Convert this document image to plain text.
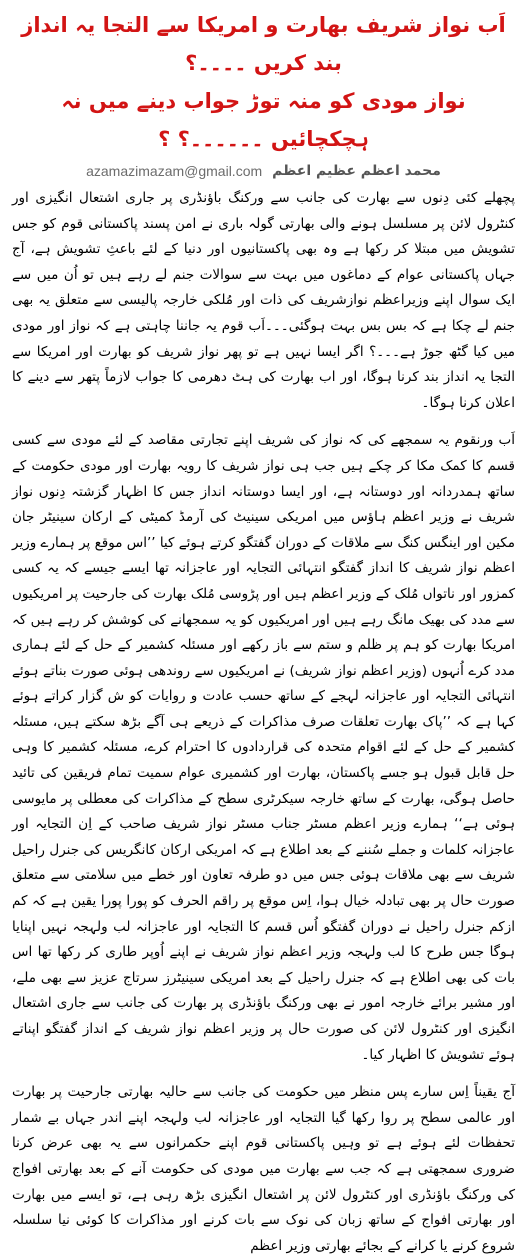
اَب نواز شریف بھارت و امریکا سے التجا یہ انداز بند کریں ۔۔۔۔؟
نواز مودی کو منہ توڑ جواب دینے میں نہ ہچکچائیں ۔۔۔۔۔۔؟ ؟
azamazimazam@gmail.com محمد اعظم عظیم اعظم

پچھلے کئی دِنوں سے بھارت کی جانب سے ورکنگ باؤنڈری پر جاری اشتعال انگیزی اور کنٹرول لائن پر مسلسل ہونے والی بھارتی گولہ باری نے امن پسند پاکستانی قوم کو جس تشویش میں مبتلا کر رکھا ہے وہ بھی پاکستانیوں اور دنیا کے لئے باعثِ تشویش ہے، آج جہاں پاکستانی عوام کے دماغوں میں بہت سے سوالات جنم لے رہے ہیں تو اُن میں سے ایک سوال اپنے وزیراعظم نوازشریف کی ذات اور مُلکی خارجہ پالیسی سے متعلق یہ بھی جنم لے چکا ہے کہ بس بس بہت ہوگئی۔۔۔اَب قوم یہ جاننا چاہتی ہے کہ نواز اور مودی میں کیا گٹھ جوڑ ہے۔۔۔؟ اگر ایسا نہیں ہے تو پھر نواز شریف کو بھارت اور امریکا سے التجا یہ انداز بند کرنا ہوگا، اور اب بھارت کی ہٹ دھرمی کا جواب لازماً پتھر سے دینے کا اعلان کرنا ہوگا۔

اَب ورنقوم یہ سمجھے کی کہ نواز کی شریف اپنے تجارتی مقاصد کے لئے مودی سے کسی قسم کا کمک مکا کر چکے ہیں جب ہی نواز شریف کا رویہ بھارت اور مودی حکومت کے ساتھ ہمدردانہ اور دوستانہ ہے، اور ایسا دوستانہ انداز جس کا اظہار گزشتہ دِنوں نواز شریف نے وزیر اعظم ہاؤس میں امریکی سینیٹ کی آرمڈ کمیٹی کے ارکان سینیٹر جان مکین اور اینگس کنگ سے ملاقات کے دوران گفتگو کرتے ہوئے کیا ’’اس موقع پر ہمارے وزیر اعظم نواز شریف کا انداز گفتگو انتہائی التجایہ اور عاجزانہ تھا ایسے جیسے کہ یہ کسی کمزور اور ناتواں مُلک کے وزیر اعظم ہیں اور پڑوسی مُلک بھارت کی جارحیت پر امریکیوں سے مدد کی بھیک مانگ رہے ہیں اور امریکیوں کو یہ سمجھانے کی کوشش کر رہے ہیں کہ امریکا بھارت کو ہم پر ظلم و ستم سے باز رکھے اور مسئلہ کشمیر کے حل کے لئے ہماری مدد کرے اُنہوں (وزیر اعظم نواز شریف) نے امریکیوں سے روندھی ہوئی صورت بناتے ہوئے انتہائی التجایہ اور عاجزانہ لہجے کے ساتھ حسب عادت و روایات کو ش گزار کراتے ہوئے کہا ہے کہ ’’پاک بھارت تعلقات صرف مذاکرات کے ذریعے ہی آگے بڑھ سکتے ہیں، مسئلہ کشمیر کے حل کے لئے اقوام متحدہ کی قراردادوں کا احترام کرے، مسئلہ کشمیر کا وہی حل قابل قبول ہو جسے پاکستان، بھارت اور کشمیری عوام سمیت تمام فریقین کی تائید حاصل ہوگی، بھارت کے ساتھ خارجہ سیکرٹری سطح کے مذاکرات کی معطلی پر مایوسی ہوئی ہے‘‘ ہمارے وزیر اعظم مسٹر جناب مسٹر نواز شریف صاحب کے اِن التجایہ اور عاجزانہ کلمات و جملے سُننے کے بعد اطلاع ہے کہ امریکی ارکان کانگریس کی جنرل راحیل شریف سے بھی ملاقات ہوئی جس میں دو طرفہ تعاون اور خطے میں سلامتی سے متعلق صورت حال پر بھی تبادلہ خیال ہوا، اِس موقع پر راقم الحرف کو پورا پورا یقین ہے کہ کم ازکم جنرل راحیل نے دوران گفتگو اُس قسم کا التجایہ اور عاجزانہ لب ولہجہ نہیں اپنایا ہوگا جس طرح کا لب ولہجہ وزیر اعظم نواز شریف نے اپنے اُوپر طاری کر رکھا تھا اس بات کی بھی اطلاع ہے کہ جنرل راحیل کے بعد امریکی سینیٹرز سرتاج عزیز سے بھی ملے، اور مشیر برائے خارجہ امور نے بھی ورکنگ باؤنڈری پر بھارت کی جانب سے جاری اشتعال انگیزی اور کنٹرول لائن کی صورت حال پر وزیر اعظم نواز شریف کے انداز گفتگو اپناتے ہوئے تشویش کا اظہار کیا۔

آج یقیناً اِس سارے پس منظر میں حکومت کی جانب سے حالیہ بھارتی جارحیت پر بھارت اور عالمی سطح پر روا رکھا گیا التجایہ اور عاجزانہ لب ولہجہ اپنے اندر جہاں بے شمار تحفظات لئے ہوئے ہے تو وہیں پاکستانی قوم اپنے حکمرانوں سے یہ بھی عرض کرنا ضروری سمجھتی ہے کہ جب سے بھارت میں مودی کی حکومت آنے کے بعد بھارتی افواج کی ورکنگ باؤنڈری اور کنٹرول لائن پر اشتعال انگیزی بڑھ رہی ہے، تو ایسے میں بھارت اور بھارتی افواج کے ساتھ زبان کی نوک سے بات کرنے اور مذاکرات کا کوئی نیا سلسلہ شروع کرنے یا کرانے کے بجائے بھارتی وزیر اعظم
